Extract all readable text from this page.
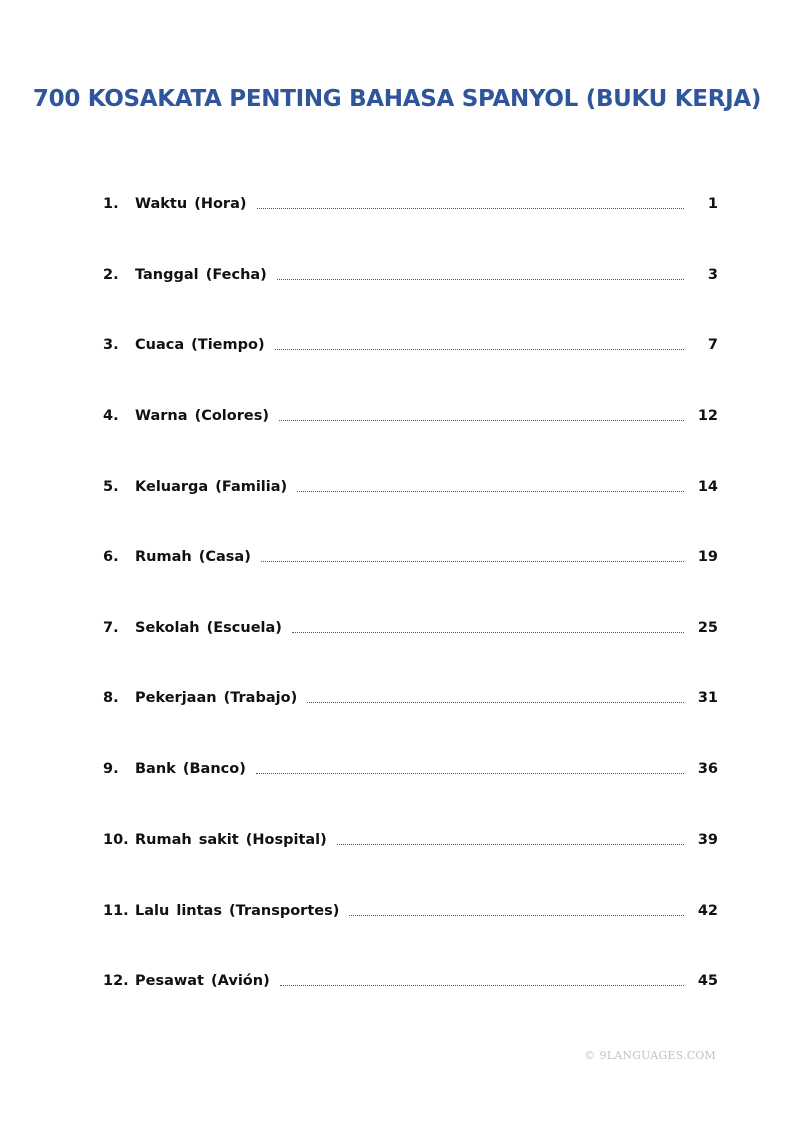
700 KOSAKATA PENTING BAHASA SPANYOL (BUKU KERJA)
1.	Waktu (Hora)	1
2.	Tanggal (Fecha)	3
3.	Cuaca (Tiempo)	7
4.	Warna (Colores)	12
5.	Keluarga (Familia)	14
6.	Rumah (Casa)	19
7.	Sekolah (Escuela)	25
8.	Pekerjaan (Trabajo)	31
9.	Bank (Banco)	36
10. Rumah sakit (Hospital)	39
11. Lalu lintas (Transportes)	42
12. Pesawat (Avión)	45
© 9LANGUAGES.COM
